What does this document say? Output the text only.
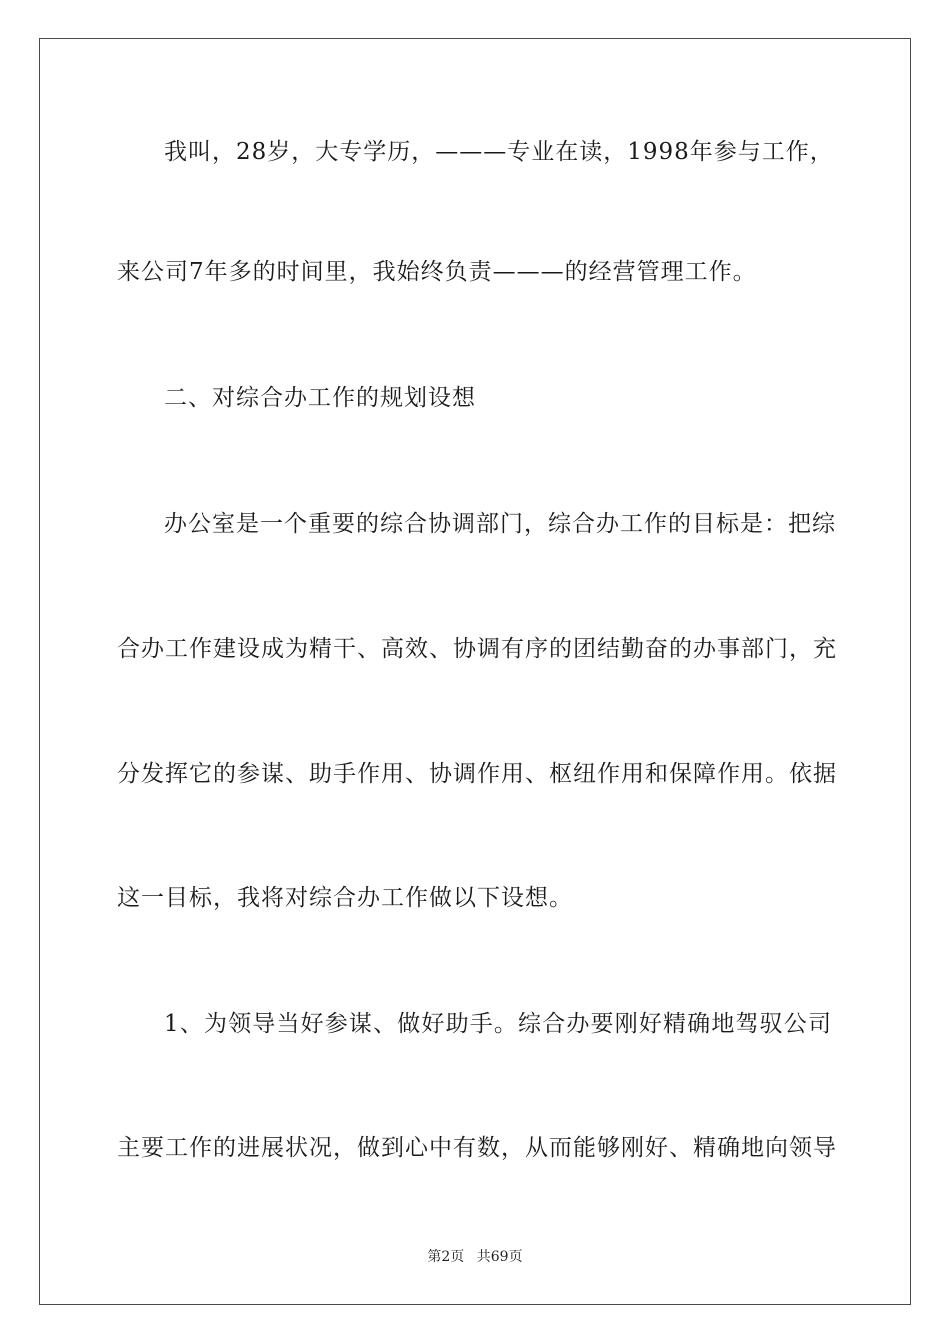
我叫，28岁，大专学历，———专业在读，1998年参与工作，
来公司7年多的时间里，我始终负责———的经营管理工作。
二、对综合办工作的规划设想
办公室是一个重要的综合协调部门，综合办工作的目标是：把综
合办工作建设成为精干、高效、协调有序的团结勤奋的办事部门，充
分发挥它的参谋、助手作用、协调作用、枢纽作用和保障作用。依据
这一目标，我将对综合办工作做以下设想。
1、为领导当好参谋、做好助手。综合办要刚好精确地驾驭公司
主要工作的进展状况，做到心中有数，从而能够刚好、精确地向领导
第2页 共69页
